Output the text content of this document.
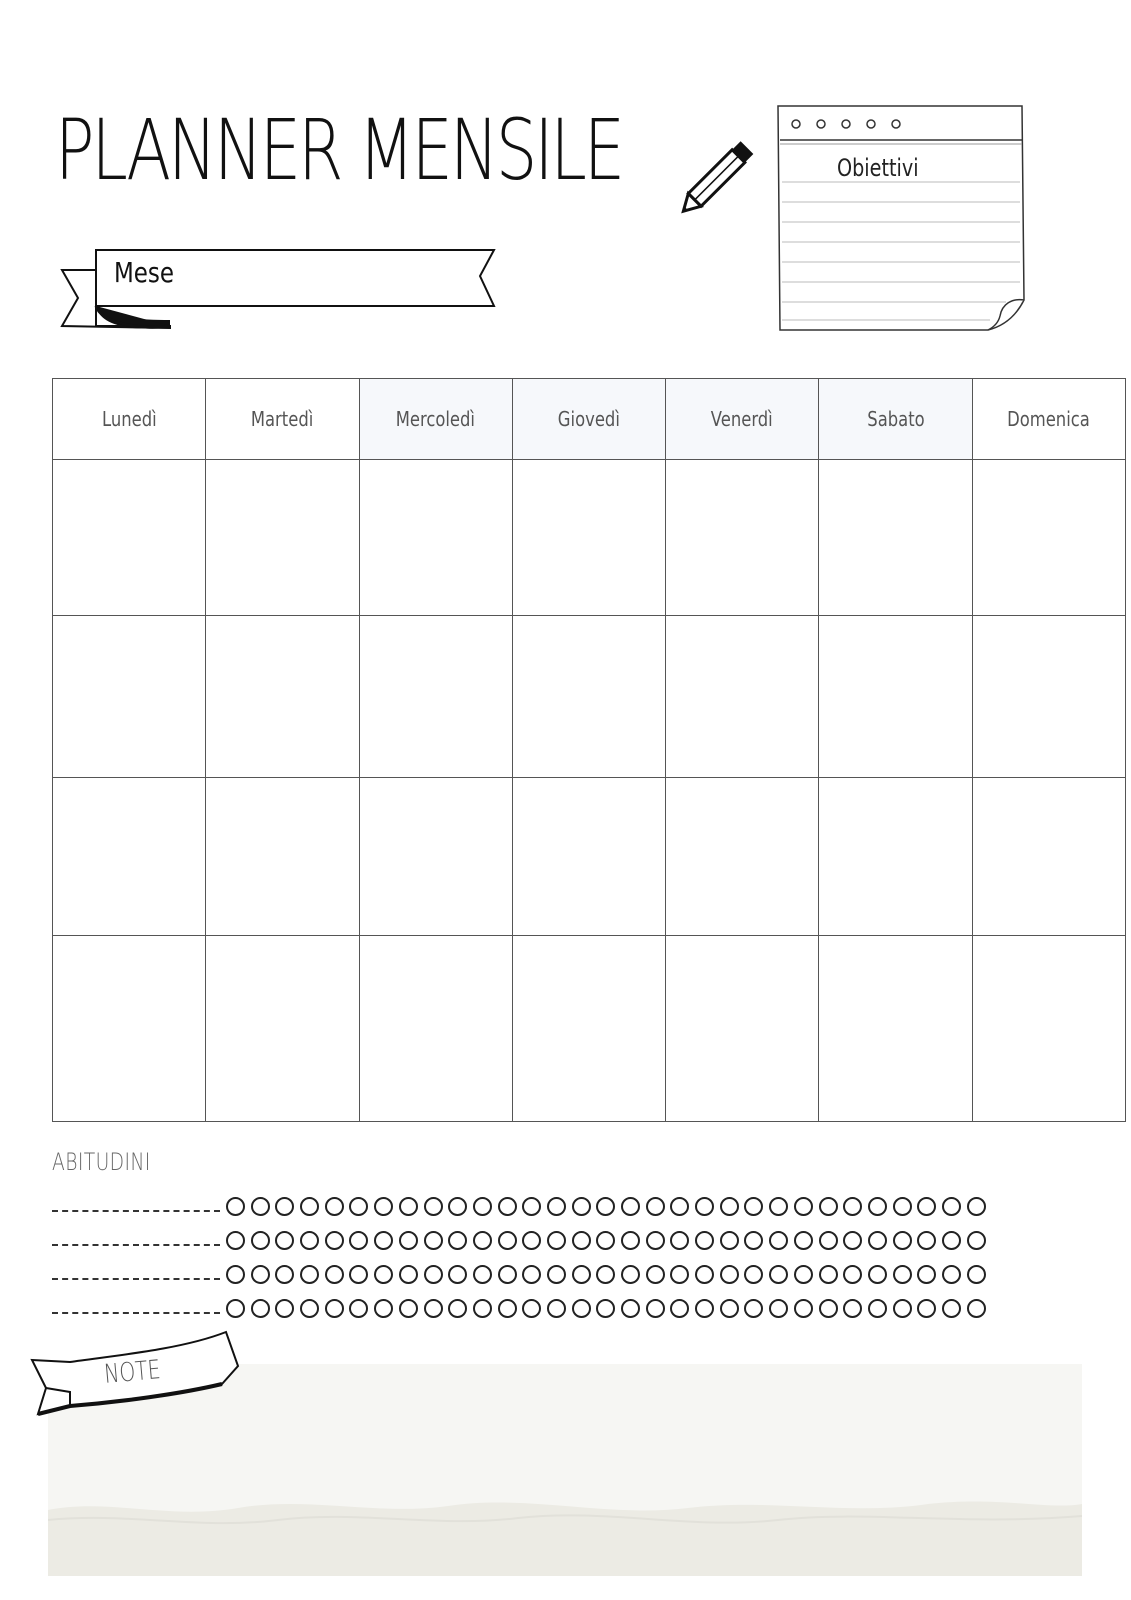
PLANNER MENSILE
Mese
Obiettivi
Lunedì	Martedì	Mercoledì	Giovedì	Venerdì	Sabato	Domenica

ABITUDINI
NOTE
